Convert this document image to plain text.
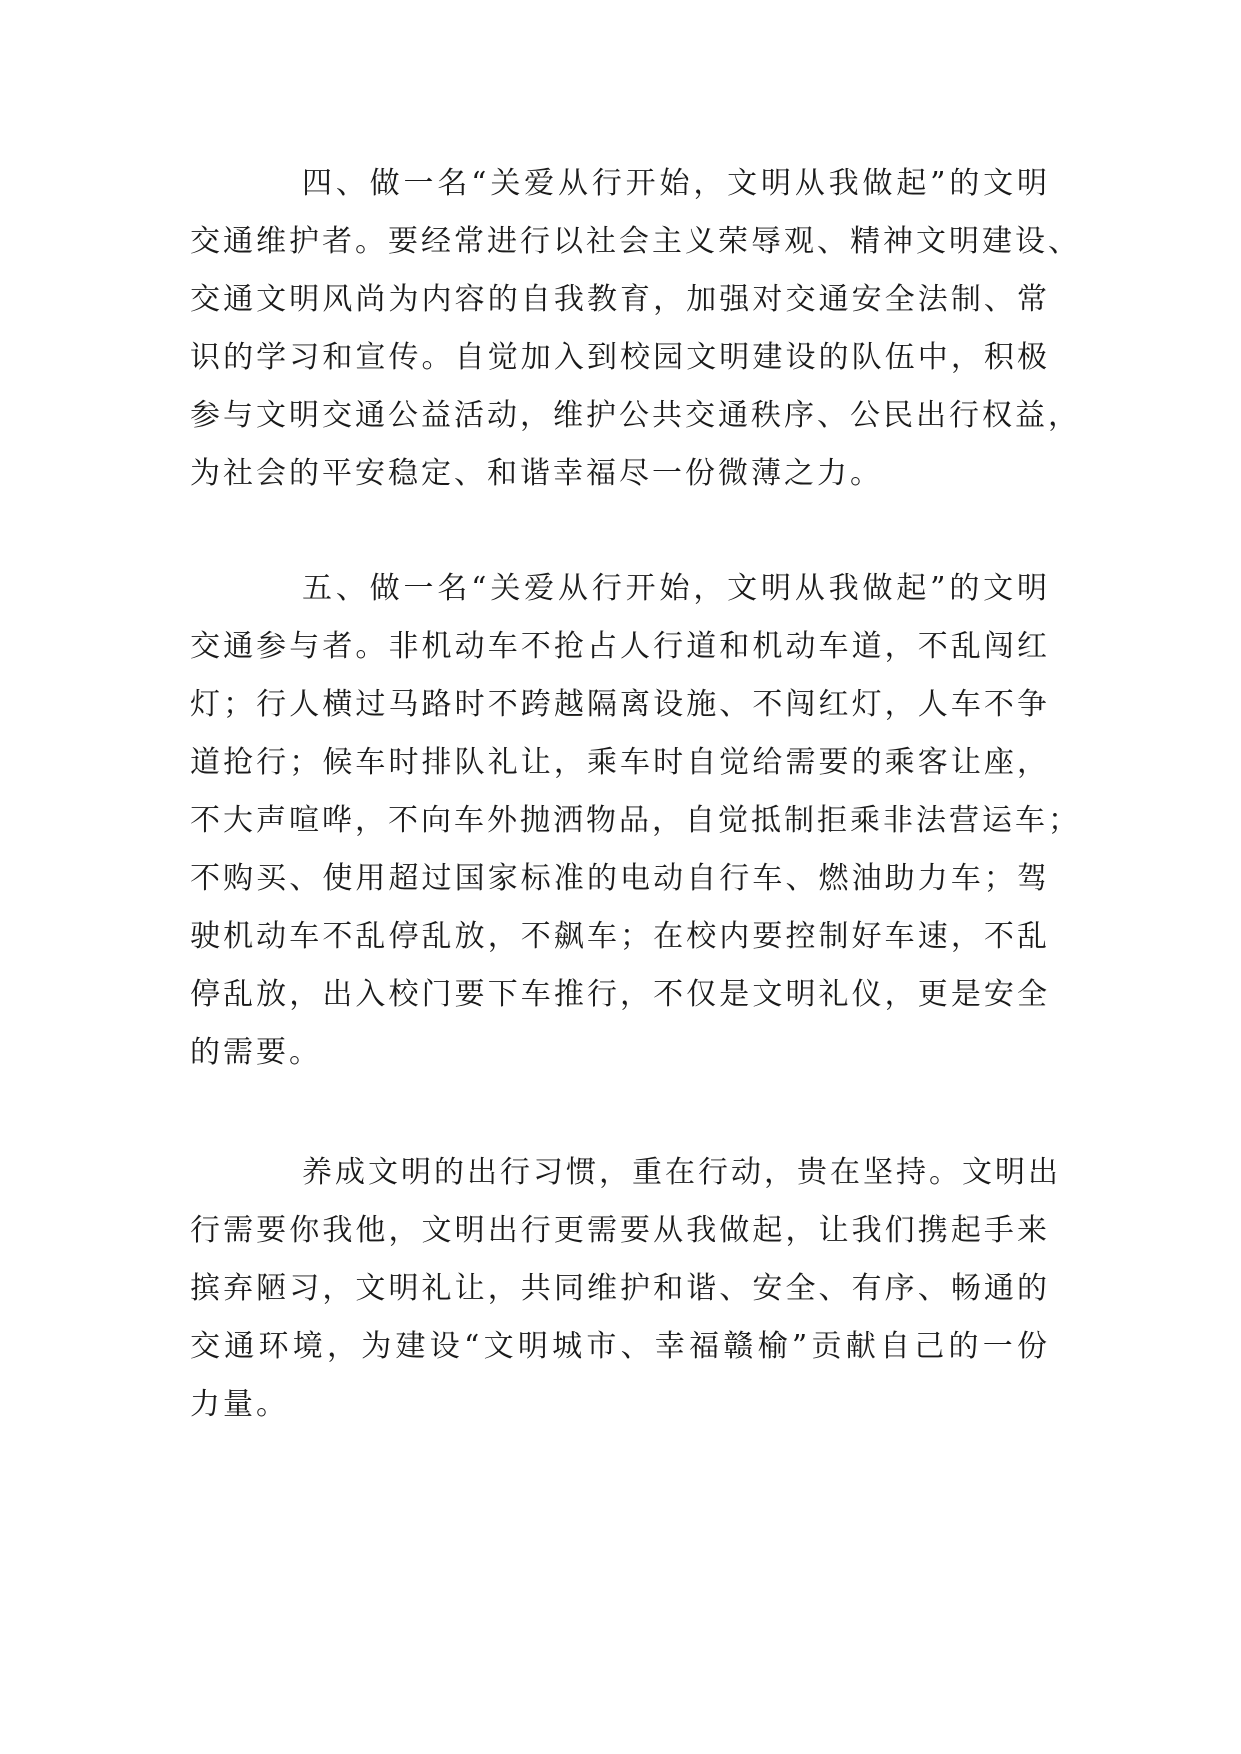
四、做一名“关爱从行开始，文明从我做起”的文明
交通维护者。要经常进行以社会主义荣辱观、精神文明建设、
交通文明风尚为内容的自我教育，加强对交通安全法制、常
识的学习和宣传。自觉加入到校园文明建设的队伍中，积极
参与文明交通公益活动，维护公共交通秩序、公民出行权益，
为社会的平安稳定、和谐幸福尽一份微薄之力。
五、做一名“关爱从行开始，文明从我做起”的文明
交通参与者。非机动车不抢占人行道和机动车道，不乱闯红
灯；行人横过马路时不跨越隔离设施、不闯红灯，人车不争
道抢行；候车时排队礼让，乘车时自觉给需要的乘客让座，
不大声喧哗，不向车外抛洒物品，自觉抵制拒乘非法营运车；
不购买、使用超过国家标准的电动自行车、燃油助力车；驾
驶机动车不乱停乱放，不飙车；在校内要控制好车速，不乱
停乱放，出入校门要下车推行，不仅是文明礼仪，更是安全
的需要。
养成文明的出行习惯，重在行动，贵在坚持。文明出
行需要你我他，文明出行更需要从我做起，让我们携起手来
摈弃陋习，文明礼让，共同维护和谐、安全、有序、畅通的
交通环境，为建设“文明城市、幸福赣榆”贡献自己的一份
力量。
